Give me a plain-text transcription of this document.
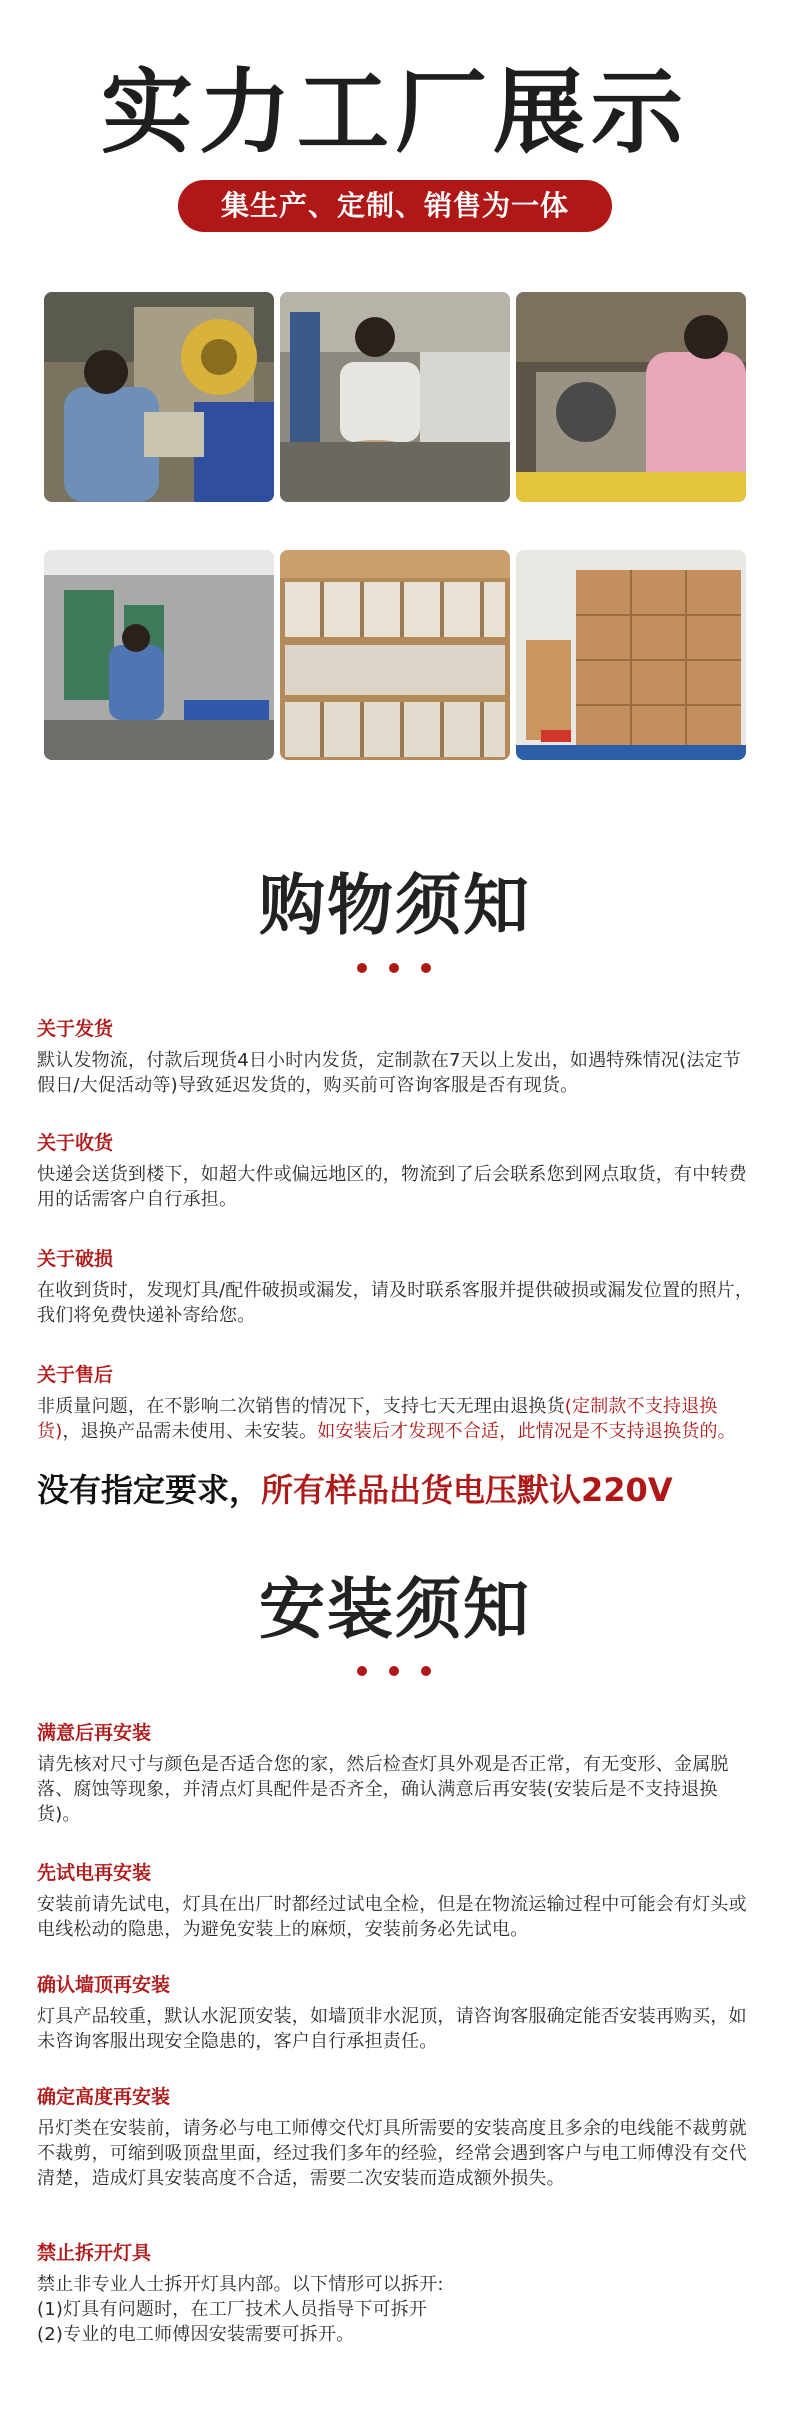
实力工厂展示
集生产、定制、销售为一体
购物须知
关于发货

默认发物流，付款后现货4日小时内发货，定制款在7天以上发出，如遇特殊情况(法定节假日/大促活动等)导致延迟发货的，购买前可咨询客服是否有现货。

关于收货

快递会送货到楼下，如超大件或偏远地区的，物流到了后会联系您到网点取货，有中转费用的话需客户自行承担。

关于破损

在收到货时，发现灯具/配件破损或漏发，请及时联系客服并提供破损或漏发位置的照片，我们将免费快递补寄给您。

关于售后

非质量问题，在不影响二次销售的情况下，支持七天无理由退换货(定制款不支持退换货)，退换产品需未使用、未安装。如安装后才发现不合适，此情况是不支持退换货的。

没有指定要求，所有样品出货电压默认220V
安装须知
满意后再安装

请先核对尺寸与颜色是否适合您的家，然后检查灯具外观是否正常，有无变形、金属脱落、腐蚀等现象，并清点灯具配件是否齐全，确认满意后再安装(安装后是不支持退换货)。

先试电再安装

安装前请先试电，灯具在出厂时都经过试电全检，但是在物流运输过程中可能会有灯头或电线松动的隐患，为避免安装上的麻烦，安装前务必先试电。

确认墙顶再安装

灯具产品较重，默认水泥顶安装，如墙顶非水泥顶，请咨询客服确定能否安装再购买，如未咨询客服出现安全隐患的，客户自行承担责任。

确定高度再安装

吊灯类在安装前，请务必与电工师傅交代灯具所需要的安装高度且多余的电线能不裁剪就不裁剪，可缩到吸顶盘里面，经过我们多年的经验，经常会遇到客户与电工师傅没有交代清楚，造成灯具安装高度不合适，需要二次安装而造成额外损失。

禁止拆开灯具

禁止非专业人士拆开灯具内部。以下情形可以拆开:

(1)灯具有问题时，在工厂技术人员指导下可拆开

(2)专业的电工师傅因安装需要可拆开。
